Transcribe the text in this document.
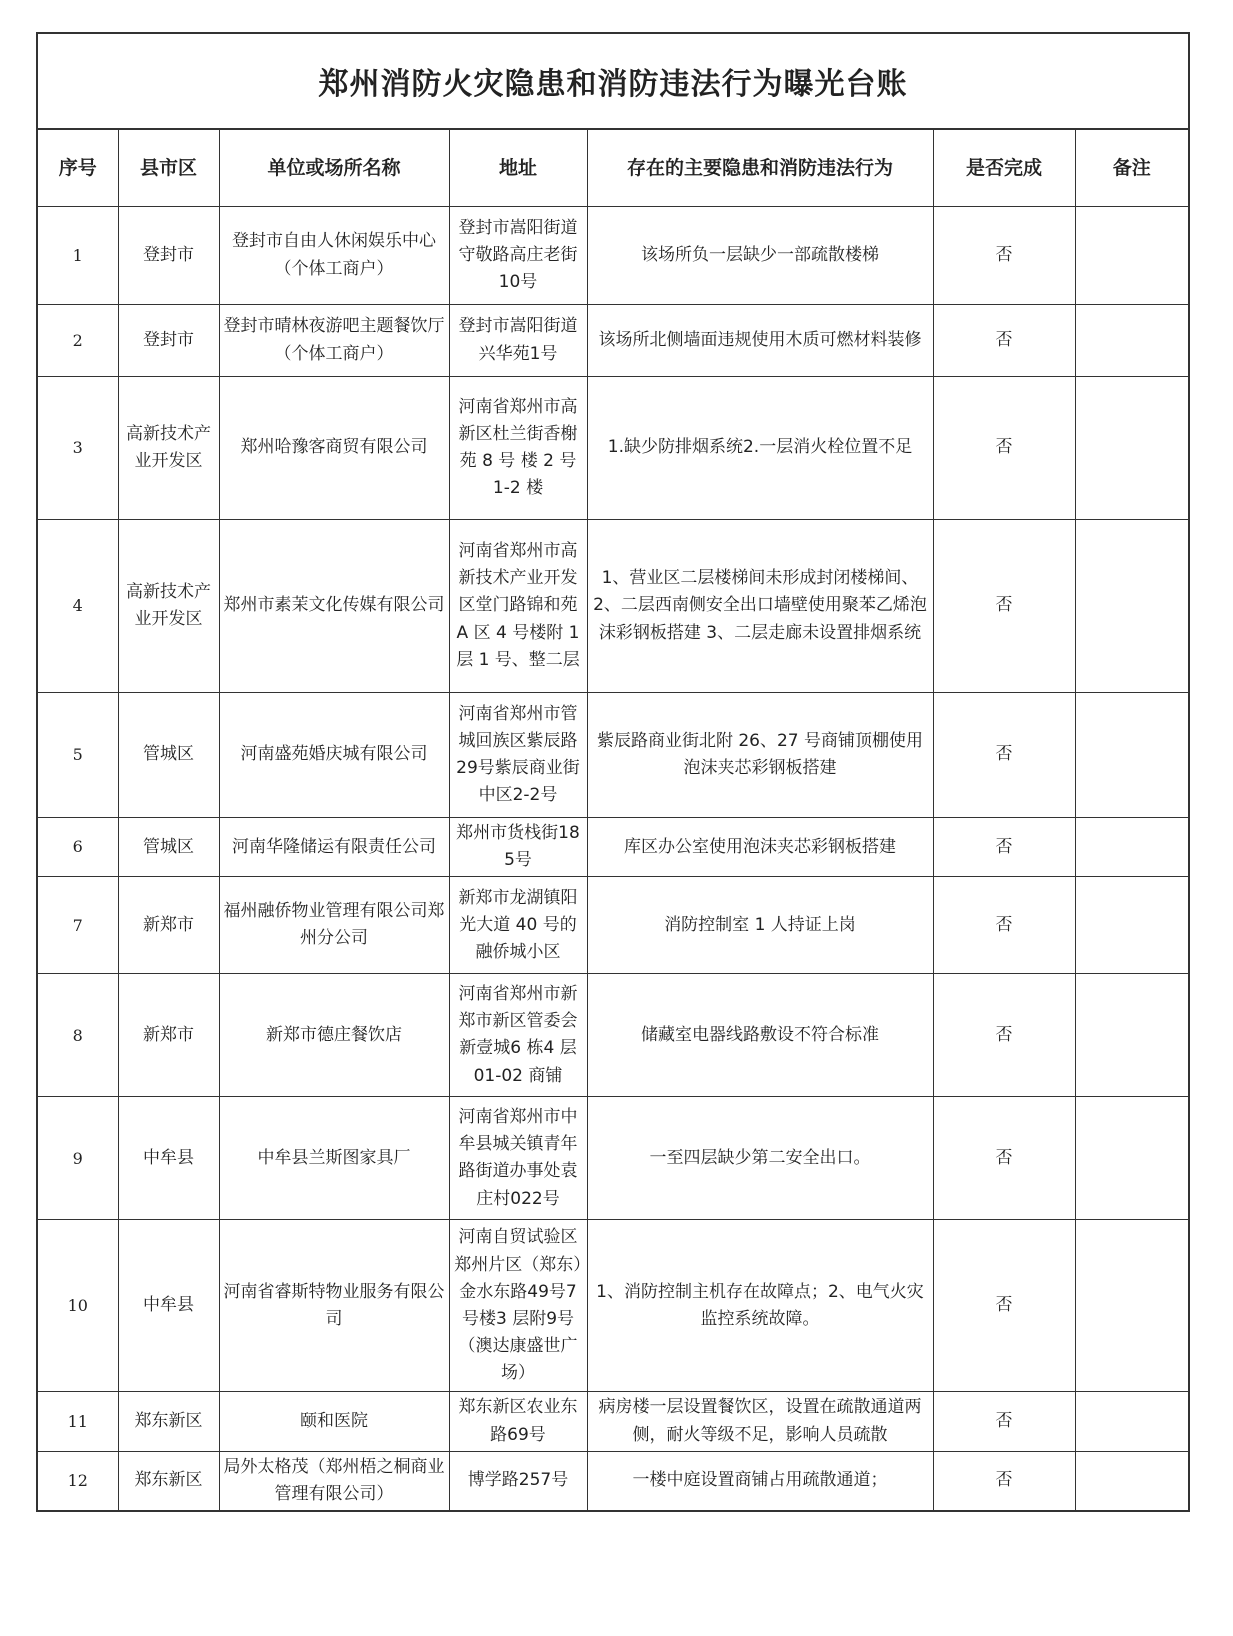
郑州消防火灾隐患和消防违法行为曝光台账
序号	县市区	单位或场所名称	地址	存在的主要隐患和消防违法行为	是否完成	备注
1	登封市	登封市自由人休闲娱乐中心（个体工商户）	登封市嵩阳街道守敬路高庄老街10号	该场所负一层缺少一部疏散楼梯	否	
2	登封市	登封市晴林夜游吧主题餐饮厅（个体工商户）	登封市嵩阳街道兴华苑1号	该场所北侧墙面违规使用木质可燃材料装修	否	
3	高新技术产业开发区	郑州哈豫客商贸有限公司	河南省郑州市高新区杜兰街香榭苑 8 号 楼 2 号 1-2 楼	1.缺少防排烟系统2.一层消火栓位置不足	否	
4	高新技术产业开发区	郑州市素茉文化传媒有限公司	河南省郑州市高新技术产业开发区堂门路锦和苑 A 区 4 号楼附 1 层 1 号、整二层	1、营业区二层楼梯间未形成封闭楼梯间、2、二层西南侧安全出口墙壁使用聚苯乙烯泡沫彩钢板搭建 3、二层走廊未设置排烟系统	否	
5	管城区	河南盛苑婚庆城有限公司	河南省郑州市管城回族区紫辰路29号紫辰商业街中区2-2号	紫辰路商业街北附 26、27 号商铺顶棚使用泡沫夹芯彩钢板搭建	否	
6	管城区	河南华隆储运有限责任公司	郑州市货栈街185号	库区办公室使用泡沫夹芯彩钢板搭建	否	
7	新郑市	福州融侨物业管理有限公司郑州分公司	新郑市龙湖镇阳光大道 40 号的融侨城小区	消防控制室 1 人持证上岗	否	
8	新郑市	新郑市德庄餐饮店	河南省郑州市新郑市新区管委会新壹城6 栋4 层 01-02 商铺	储藏室电器线路敷设不符合标准	否	
9	中牟县	中牟县兰斯图家具厂	河南省郑州市中牟县城关镇青年路街道办事处袁庄村022号	一至四层缺少第二安全出口。	否	
10	中牟县	河南省睿斯特物业服务有限公司	河南自贸试验区郑州片区（郑东）金水东路49号7号楼3 层附9号（澳达康盛世广场）	1、消防控制主机存在故障点；2、电气火灾监控系统故障。	否	
11	郑东新区	颐和医院	郑东新区农业东路69号	病房楼一层设置餐饮区，设置在疏散通道两侧，耐火等级不足，影响人员疏散	否	
12	郑东新区	局外太格茂（郑州梧之桐商业管理有限公司）	博学路257号	一楼中庭设置商铺占用疏散通道；	否	
